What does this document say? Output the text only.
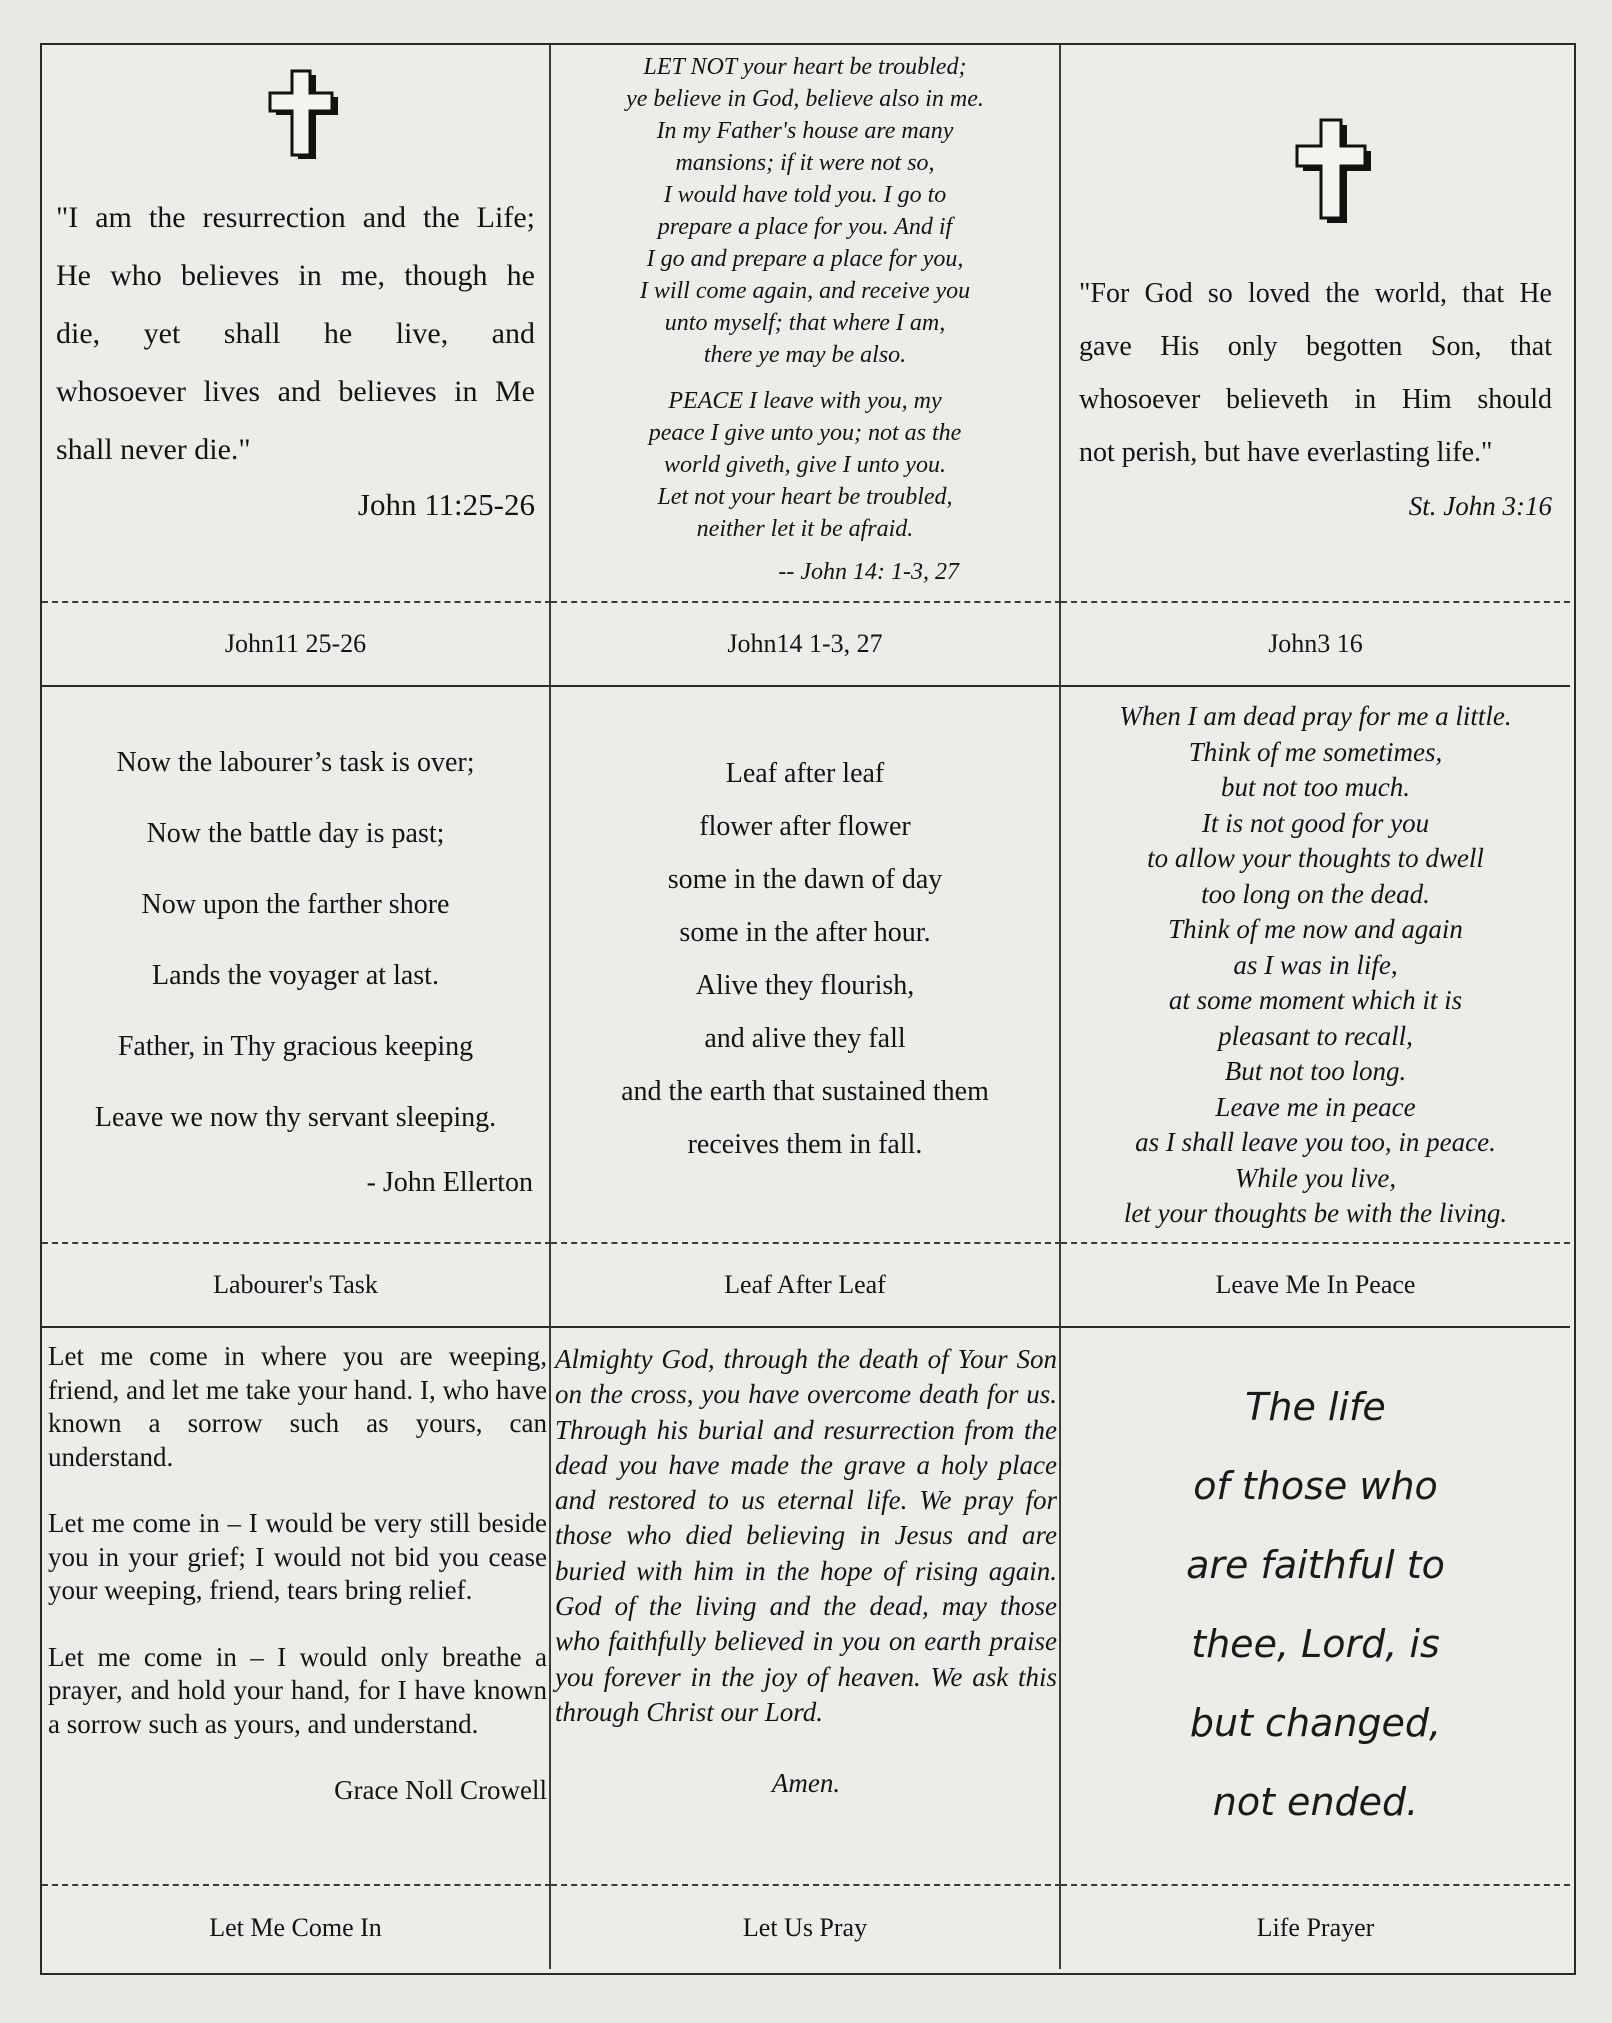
"I am the resurrection and the Life;
He who believes in me, though he
die, yet shall he live, and
whosoever lives and believes in Me
shall never die."
John 11:25-26
LET NOT your heart be troubled;
ye believe in God, believe also in me.
In my Father's house are many
mansions; if it were not so,
I would have told you. I go to
prepare a place for you. And if
I go and prepare a place for you,
I will come again, and receive you
unto myself; that where I am,
there ye may be also.
PEACE I leave with you, my
peace I give unto you; not as the
world giveth, give I unto you.
Let not your heart be troubled,
neither let it be afraid.
-- John 14: 1-3, 27
"For God so loved the world, that He
gave His only begotten Son, that
whosoever believeth in Him should
not perish, but have everlasting life."
St. John 3:16
John11 25-26	John14 1-3, 27	John3 16
Now the labourer’s task is over;
Now the battle day is past;
Now upon the farther shore
Lands the voyager at last.
Father, in Thy gracious keeping
Leave we now thy servant sleeping.
- John Ellerton
Leaf after leaf
flower after flower
some in the dawn of day
some in the after hour.
Alive they flourish,
and alive they fall
and the earth that sustained them
receives them in fall.
When I am dead pray for me a little.
Think of me sometimes,
but not too much.
It is not good for you
to allow your thoughts to dwell
too long on the dead.
Think of me now and again
as I was in life,
at some moment which it is
pleasant to recall,
But not too long.
Leave me in peace
as I shall leave you too, in peace.
While you live,
let your thoughts be with the living.
Labourer's Task	Leaf After Leaf	Leave Me In Peace

Let me come in where you are weeping, friend, and let me take your hand. I, who have known a sorrow such as yours, can understand.

Let me come in – I would be very still beside you in your grief; I would not bid you cease your weeping, friend, tears bring relief.

Let me come in – I would only breathe a prayer, and hold your hand, for I have known a sorrow such as yours, and understand.

Grace Noll Crowell

Almighty God, through the death of Your Son on the cross, you have overcome death for us. Through his burial and resurrection from the dead you have made the grave a holy place and restored to us eternal life. We pray for those who died believing in Jesus and are buried with him in the hope of rising again. God of the living and the dead, may those who faithfully believed in you on earth praise you forever in the joy of heaven. We ask this through Christ our Lord.

Amen.
The life
of those who
are faithful to
thee, Lord, is
but changed,
not ended.
Let Me Come In	Let Us Pray	Life Prayer
